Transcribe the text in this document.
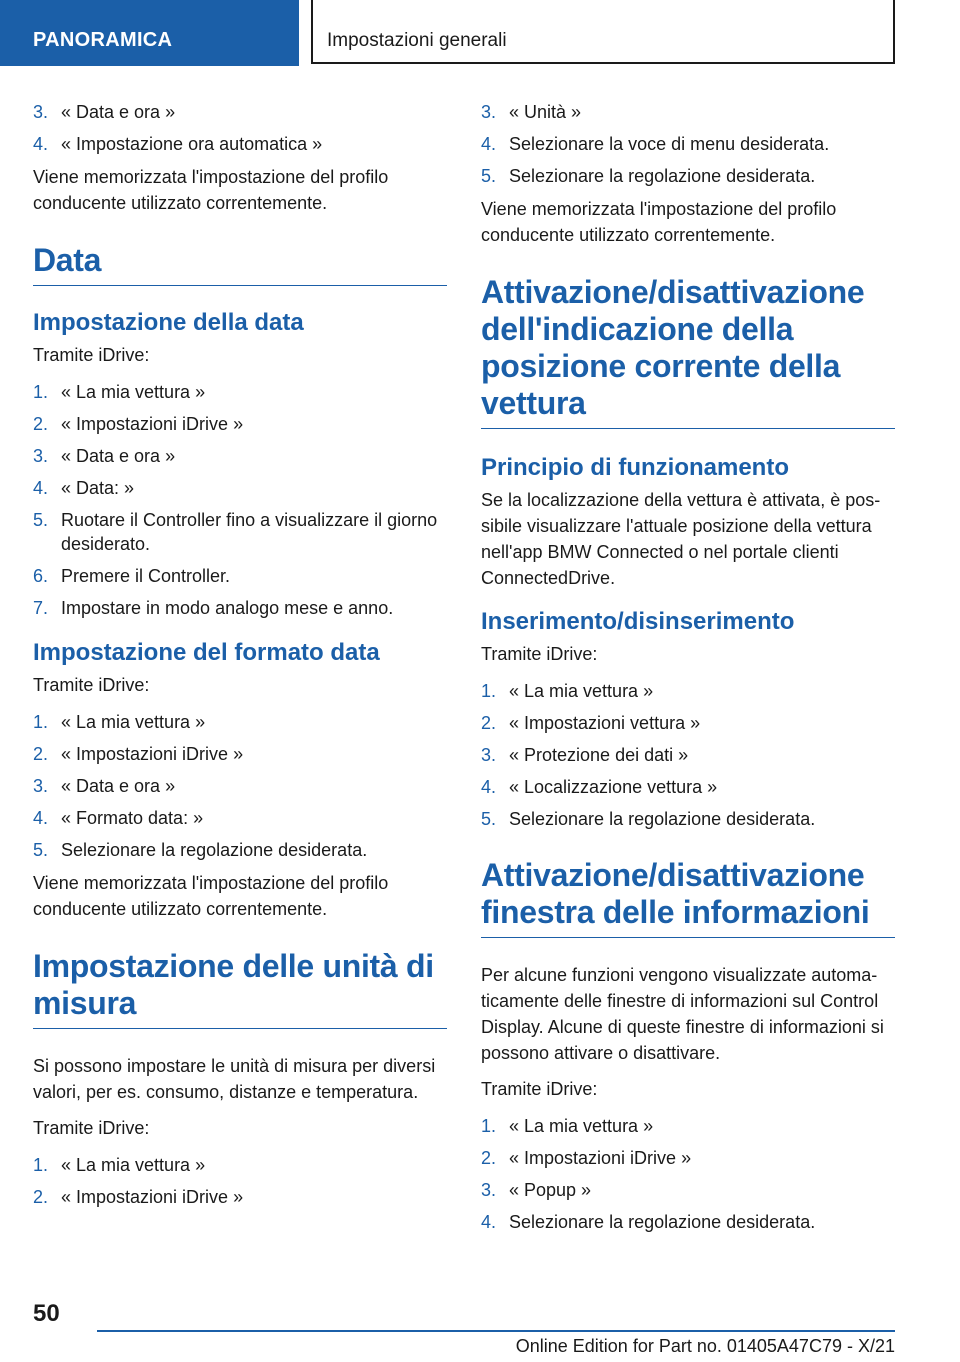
PANORAMICA	Impostazioni generali
3. « Data e ora »
4. « Impostazione ora automatica »

Viene memorizzata l'impostazione del profilo conducente utilizzato correntemente.

Data
Impostazione della data

Tramite iDrive:

1. « La mia vettura »
2. « Impostazioni iDrive »
3. « Data e ora »
4. « Data: »
5. Ruotare il Controller fino a visualizzare il giorno desiderato.
6. Premere il Controller.
7. Impostare in modo analogo mese e anno.
Impostazione del formato data

Tramite iDrive:

1. « La mia vettura »
2. « Impostazioni iDrive »
3. « Data e ora »
4. « Formato data: »
5. Selezionare la regolazione desiderata.

Viene memorizzata l'impostazione del profilo conducente utilizzato correntemente.

Impostazione delle unità di misura

Si possono impostare le unità di misura per diversi valori, per es. consumo, distanze e temperatura.

Tramite iDrive:

1. « La mia vettura »
2. « Impostazioni iDrive »
3. « Unità »
4. Selezionare la voce di menu desiderata.
5. Selezionare la regolazione desiderata.

Viene memorizzata l'impostazione del profilo conducente utilizzato correntemente.

Attivazione/disattivazione dell'indicazione della posizione corrente della vettura
Principio di funzionamento

Se la localizzazione della vettura è attivata, è possibile visualizzare l'attuale posizione della vettura nell'app BMW Connected o nel portale clienti ConnectedDrive.

Inserimento/disinserimento

Tramite iDrive:

1. « La mia vettura »
2. « Impostazioni vettura »
3. « Protezione dei dati »
4. « Localizzazione vettura »
5. Selezionare la regolazione desiderata.
Attivazione/disattivazione finestra delle informazioni

Per alcune funzioni vengono visualizzate automaticamente delle finestre di informazioni sul Control Display. Alcune di queste finestre di informazioni si possono attivare o disattivare.

Tramite iDrive:

1. « La mia vettura »
2. « Impostazioni iDrive »
3. « Popup »
4. Selezionare la regolazione desiderata.
50
Online Edition for Part no. 01405A47C79 - X/21
